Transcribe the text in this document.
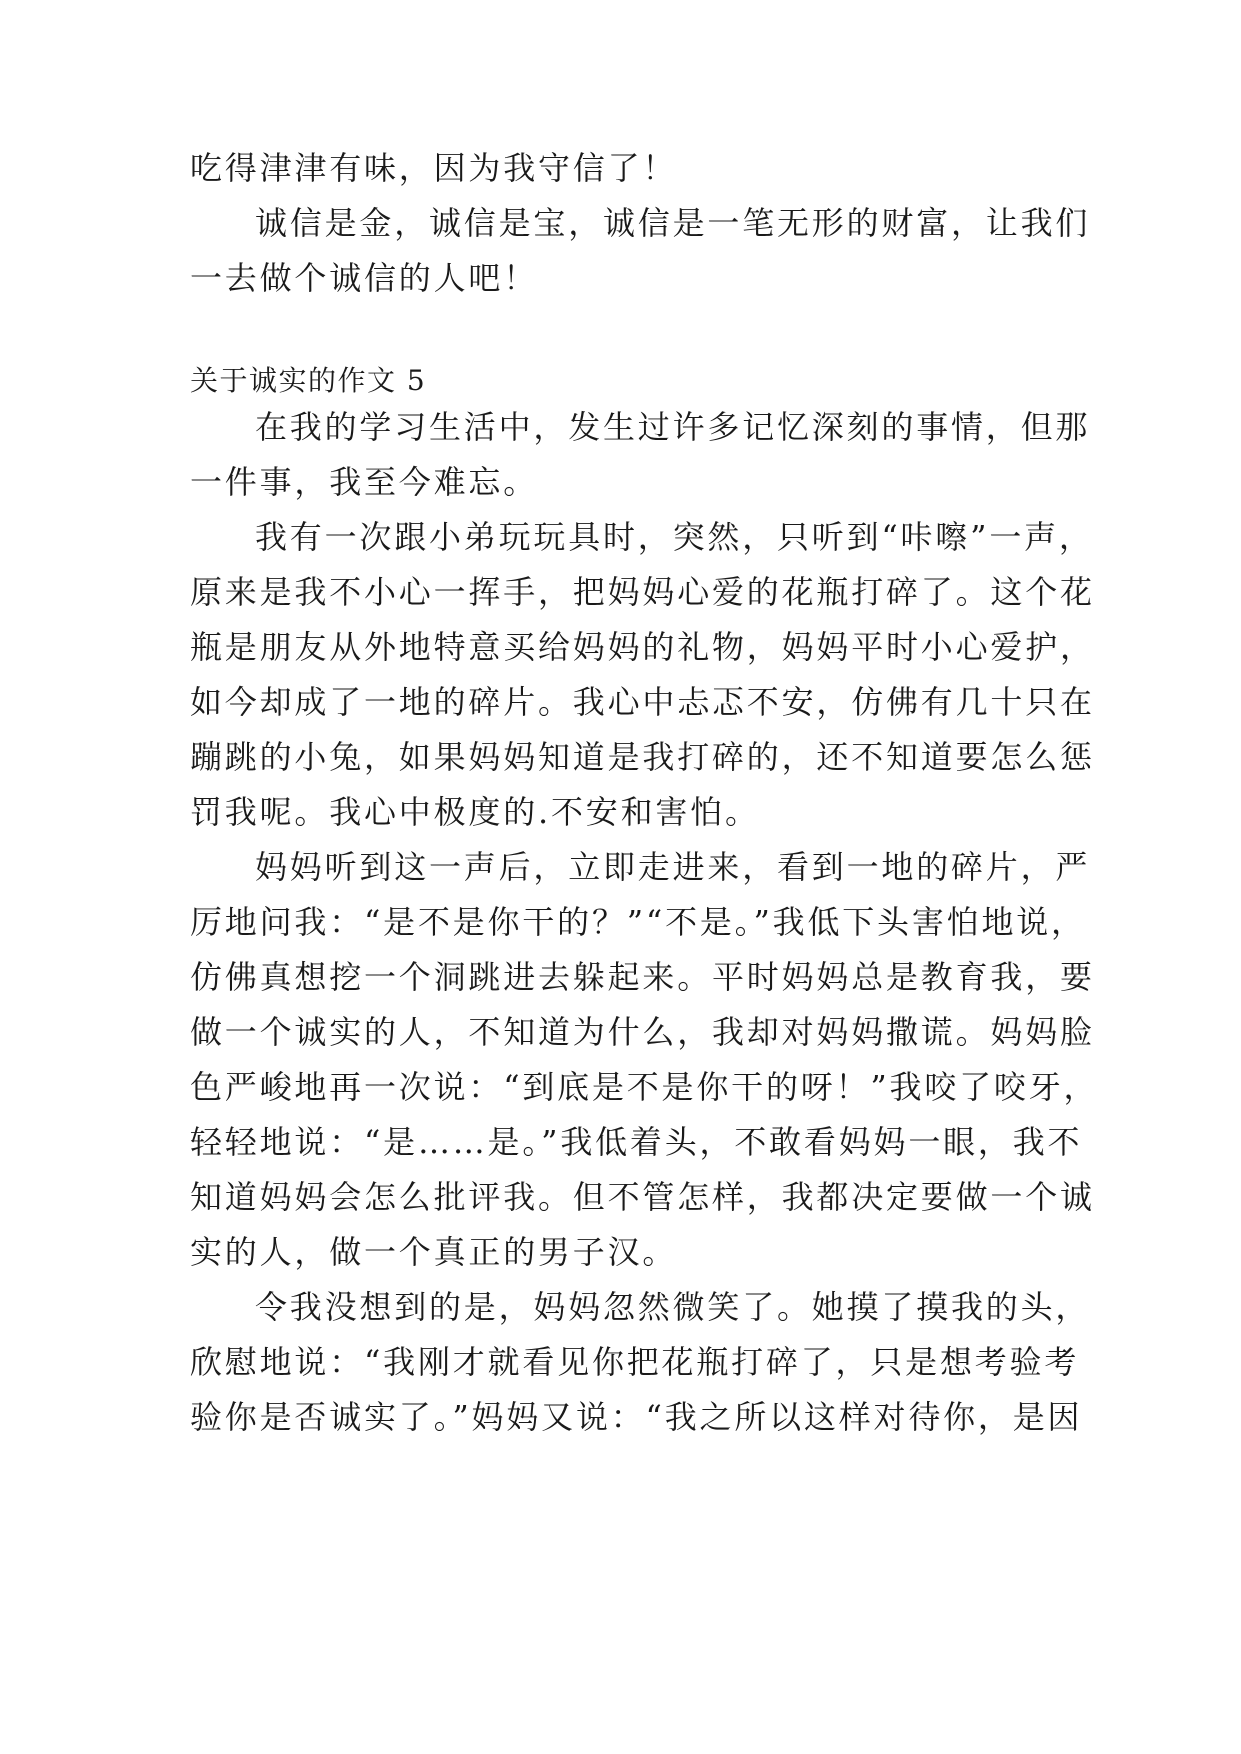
吃得津津有味，因为我守信了！

诚信是金，诚信是宝，诚信是一笔无形的财富，让我们

一去做个诚信的人吧！

关于诚实的作文 5

在我的学习生活中，发生过许多记忆深刻的事情，但那

一件事，我至今难忘。

我有一次跟小弟玩玩具时，突然，只听到“咔嚓”一声，

原来是我不小心一挥手，把妈妈心爱的花瓶打碎了。这个花

瓶是朋友从外地特意买给妈妈的礼物，妈妈平时小心爱护，

如今却成了一地的碎片。我心中忐忑不安，仿佛有几十只在

蹦跳的小兔，如果妈妈知道是我打碎的，还不知道要怎么惩

罚我呢。我心中极度的.不安和害怕。

妈妈听到这一声后，立即走进来，看到一地的碎片，严

厉地问我：“是不是你干的？”“不是。”我低下头害怕地说，

仿佛真想挖一个洞跳进去躲起来。平时妈妈总是教育我，要

做一个诚实的人，不知道为什么，我却对妈妈撒谎。妈妈脸

色严峻地再一次说：“到底是不是你干的呀！”我咬了咬牙，

轻轻地说：“是……是。”我低着头，不敢看妈妈一眼，我不

知道妈妈会怎么批评我。但不管怎样，我都决定要做一个诚

实的人，做一个真正的男子汉。

令我没想到的是，妈妈忽然微笑了。她摸了摸我的头，

欣慰地说：“我刚才就看见你把花瓶打碎了，只是想考验考

验你是否诚实了。”妈妈又说：“我之所以这样对待你，是因
